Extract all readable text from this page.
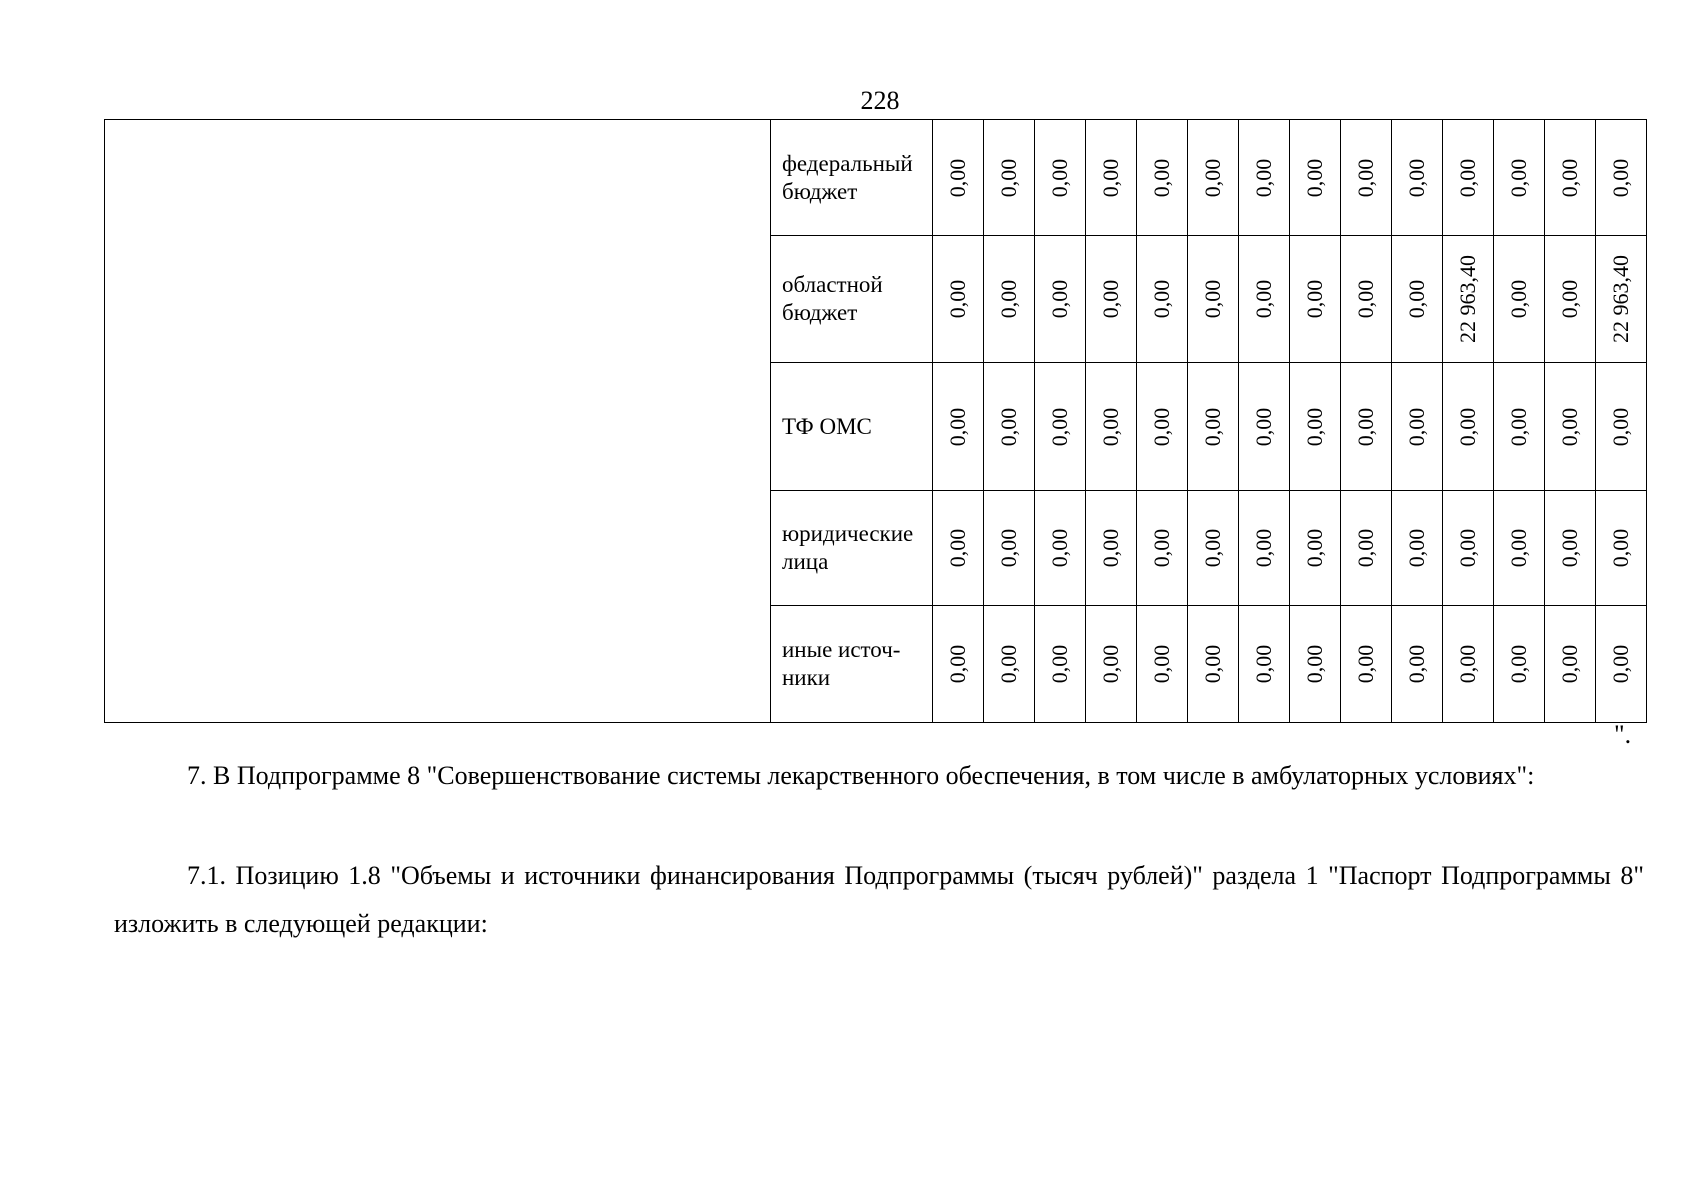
228
	федеральный бюджет	0,00	0,00	0,00	0,00	0,00	0,00	0,00	0,00	0,00	0,00	0,00	0,00	0,00	0,00

	областной бюджет	0,00	0,00	0,00	0,00	0,00	0,00	0,00	0,00	0,00	0,00	22 963,40	0,00	0,00	22 963,40

	ТФ ОМС	0,00	0,00	0,00	0,00	0,00	0,00	0,00	0,00	0,00	0,00	0,00	0,00	0,00	0,00

	юридические лица	0,00	0,00	0,00	0,00	0,00	0,00	0,00	0,00	0,00	0,00	0,00	0,00	0,00	0,00

	иные источ-ники	0,00	0,00	0,00	0,00	0,00	0,00	0,00	0,00	0,00	0,00	0,00	0,00	0,00	0,00
".

7. В Подпрограмме 8 "Совершенствование системы лекарственного обеспечения, в том числе в амбулаторных условиях":

7.1. Позицию 1.8 "Объемы и источники финансирования Подпрограммы (тысяч рублей)" раздела 1 "Паспорт Подпрограммы 8" изложить в следующей редакции:
